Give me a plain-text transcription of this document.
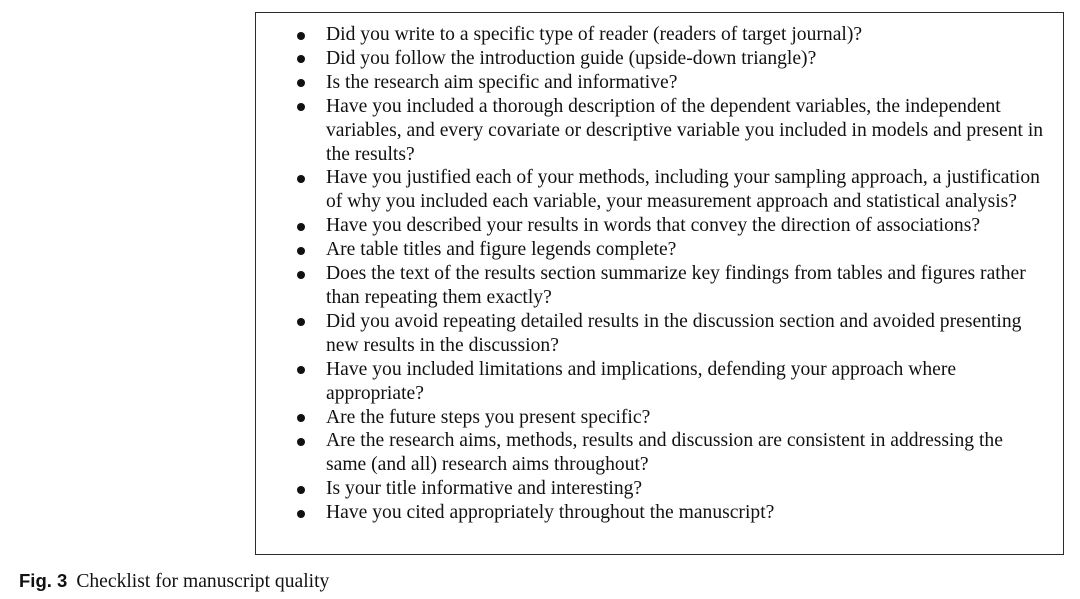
Did you write to a specific type of reader (readers of target journal)?
Did you follow the introduction guide (upside-down triangle)?
Is the research aim specific and informative?
Have you included a thorough description of the dependent variables, the independent variables, and every covariate or descriptive variable you included in models and present in the results?
Have you justified each of your methods, including your sampling approach, a justification of why you included each variable, your measurement approach and statistical analysis?
Have you described your results in words that convey the direction of associations?
Are table titles and figure legends complete?
Does the text of the results section summarize key findings from tables and figures rather than repeating them exactly?
Did you avoid repeating detailed results in the discussion section and avoided presenting new results in the discussion?
Have you included limitations and implications, defending your approach where appropriate?
Are the future steps you present specific?
Are the research aims, methods, results and discussion are consistent in addressing the same (and all) research aims throughout?
Is your title informative and interesting?
Have you cited appropriately throughout the manuscript?
Fig. 3 Checklist for manuscript quality
